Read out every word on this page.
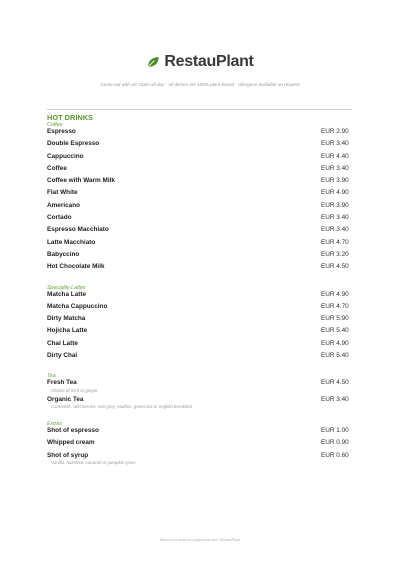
RestauPlant
Come eat with us! Open all day · All dishes are 100% plant-based · Allergens available on request
HOT DRINKS
Coffee
Espresso	EUR 2.90
Double Espresso	EUR 3.40
Cappuccino	EUR 4.40
Coffee	EUR 3.40
Coffee with Warm Milk	EUR 3.90
Flat White	EUR 4.90
Americano	EUR 3.90
Cortado	EUR 3.40
Espresso Macchiato	EUR 3.40
Latte Macchiato	EUR 4.70
Babyccino	EUR 3.20
Hot Chocolate Milk	EUR 4.50
Speciality Lattes
Matcha Latte	EUR 4.90
Matcha Cappuccino	EUR 4.70
Dirty Matcha	EUR 5.90
Hojicha Latte	EUR 5.40
Chai Latte	EUR 4.90
Dirty Chai	EUR 5.40
Tea
Fresh Tea	EUR 4.50
Choice of mint or ginger
Organic Tea	EUR 3.40
Camomile, wild berries, earl grey, rooibos, green tea or english breakfast
Extras
Shot of espresso	EUR 1.00
Whipped cream	EUR 0.90
Shot of syrup	EUR 0.60
Vanilla, hazelnut, caramel or pumpkin spice
Menu from plant to uppermost doc! RestauPlant
